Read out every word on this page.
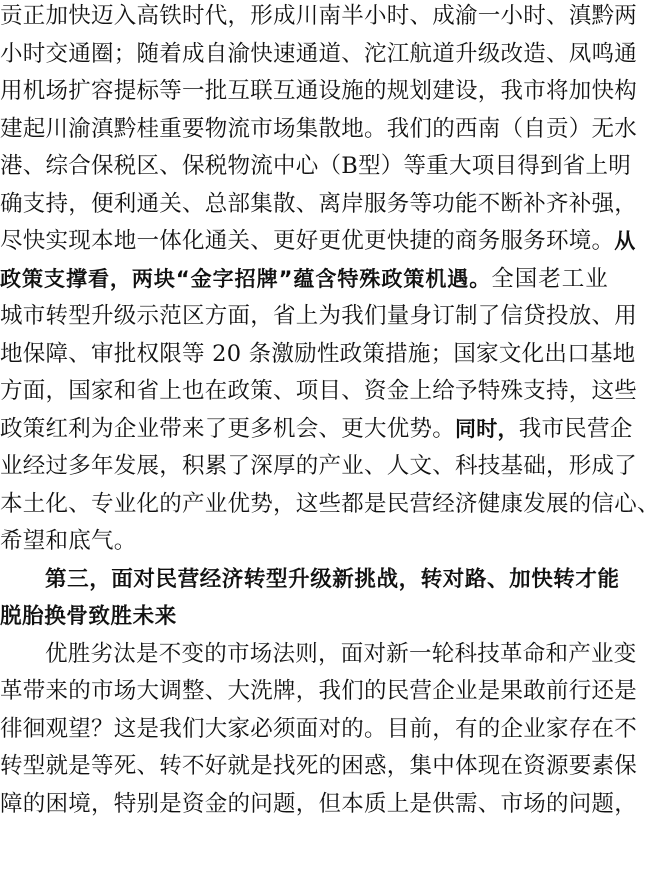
贡正加快迈入高铁时代，形成川南半小时、成渝一小时、滇黔两
小时交通圈；随着成自渝快速通道、沱江航道升级改造、凤鸣通
用机场扩容提标等一批互联互通设施的规划建设，我市将加快构
建起川渝滇黔桂重要物流市场集散地。我们的西南（自贡）无水
港、综合保税区、保税物流中心（B型）等重大项目得到省上明
确支持，便利通关、总部集散、离岸服务等功能不断补齐补强，
尽快实现本地一体化通关、更好更优更快捷的商务服务环境。从
政策支撑看，两块“金字招牌”蕴含特殊政策机遇。全国老工业
城市转型升级示范区方面，省上为我们量身订制了信贷投放、用
地保障、审批权限等 20 条激励性政策措施；国家文化出口基地
方面，国家和省上也在政策、项目、资金上给予特殊支持，这些
政策红利为企业带来了更多机会、更大优势。同时，我市民营企
业经过多年发展，积累了深厚的产业、人文、科技基础，形成了
本土化、专业化的产业优势，这些都是民营经济健康发展的信心、
希望和底气。
第三，面对民营经济转型升级新挑战，转对路、加快转才能
脱胎换骨致胜未来
优胜劣汰是不变的市场法则，面对新一轮科技革命和产业变
革带来的市场大调整、大洗牌，我们的民营企业是果敢前行还是
徘徊观望？这是我们大家必须面对的。目前，有的企业家存在不
转型就是等死、转不好就是找死的困惑，集中体现在资源要素保
障的困境，特别是资金的问题，但本质上是供需、市场的问题，
